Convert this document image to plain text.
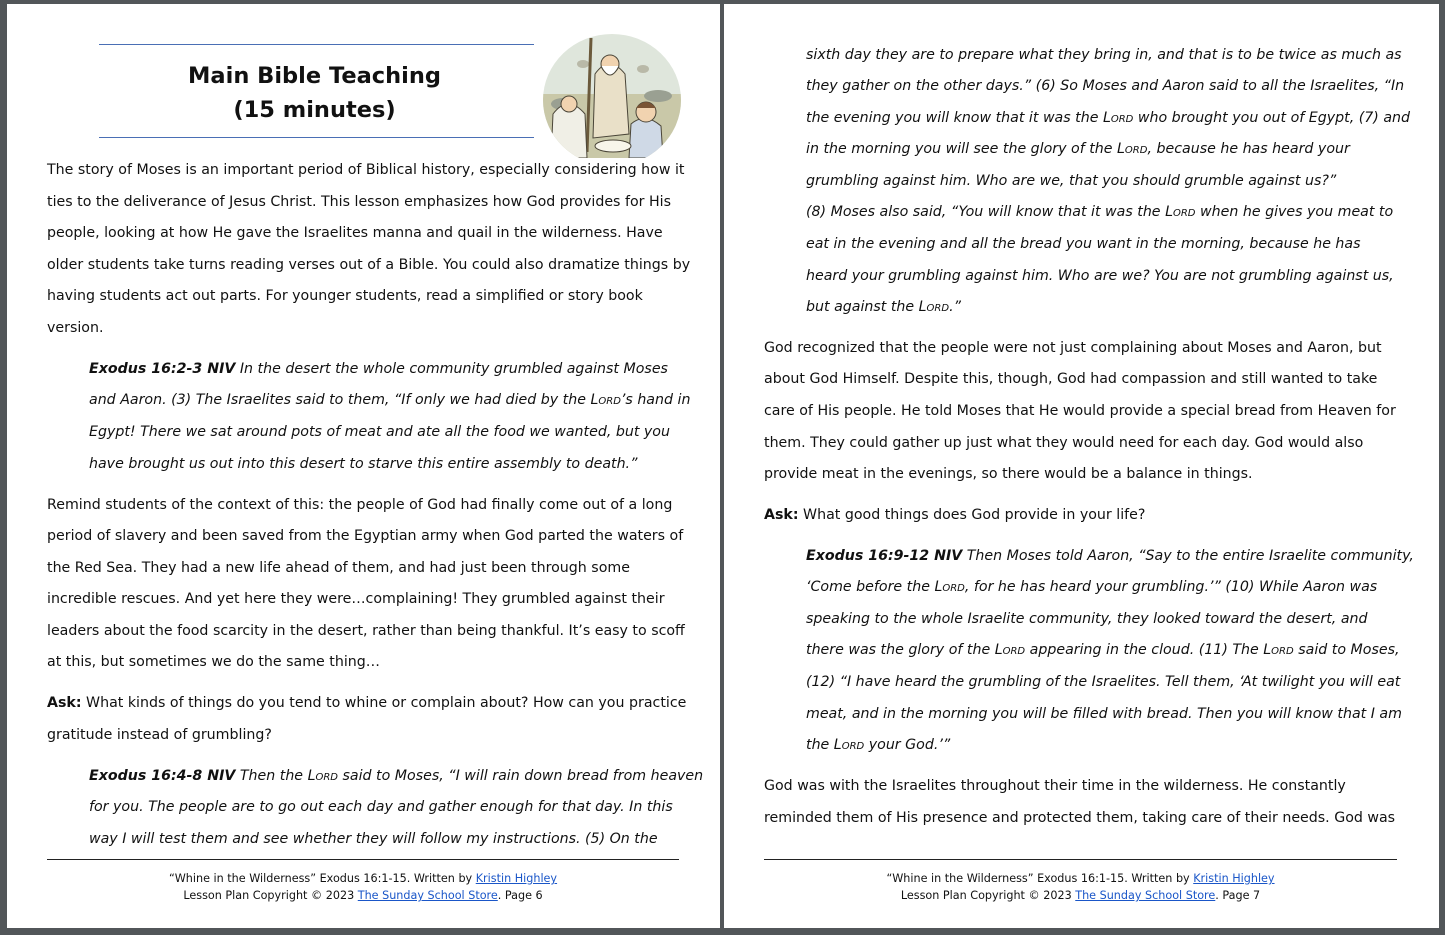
Main Bible Teaching
(15 minutes)
The story of Moses is an important period of Biblical history, especially considering how it
ties to the deliverance of Jesus Christ. This lesson emphasizes how God provides for His
people, looking at how He gave the Israelites manna and quail in the wilderness. Have
older students take turns reading verses out of a Bible. You could also dramatize things by
having students act out parts. For younger students, read a simplified or story book
version.
Exodus 16:2-3 NIV In the desert the whole community grumbled against Moses
and Aaron. (3) The Israelites said to them, “If only we had died by the Lord’s hand in
Egypt! There we sat around pots of meat and ate all the food we wanted, but you
have brought us out into this desert to starve this entire assembly to death.”
Remind students of the context of this: the people of God had finally come out of a long
period of slavery and been saved from the Egyptian army when God parted the waters of
the Red Sea. They had a new life ahead of them, and had just been through some
incredible rescues. And yet here they were…complaining! They grumbled against their
leaders about the food scarcity in the desert, rather than being thankful. It’s easy to scoff
at this, but sometimes we do the same thing…
Ask: What kinds of things do you tend to whine or complain about? How can you practice
gratitude instead of grumbling?
Exodus 16:4-8 NIV Then the Lord said to Moses, “I will rain down bread from heaven
for you. The people are to go out each day and gather enough for that day. In this
way I will test them and see whether they will follow my instructions. (5) On the
“Whine in the Wilderness” Exodus 16:1-15. Written by Kristin Highley
Lesson Plan Copyright © 2023 The Sunday School Store. Page 6
sixth day they are to prepare what they bring in, and that is to be twice as much as
they gather on the other days.” (6) So Moses and Aaron said to all the Israelites, “In
the evening you will know that it was the Lord who brought you out of Egypt, (7) and
in the morning you will see the glory of the Lord, because he has heard your
grumbling against him. Who are we, that you should grumble against us?”
(8) Moses also said, “You will know that it was the Lord when he gives you meat to
eat in the evening and all the bread you want in the morning, because he has
heard your grumbling against him. Who are we? You are not grumbling against us,
but against the Lord.”
God recognized that the people were not just complaining about Moses and Aaron, but
about God Himself. Despite this, though, God had compassion and still wanted to take
care of His people. He told Moses that He would provide a special bread from Heaven for
them. They could gather up just what they would need for each day. God would also
provide meat in the evenings, so there would be a balance in things.
Ask: What good things does God provide in your life?
Exodus 16:9-12 NIV Then Moses told Aaron, “Say to the entire Israelite community,
‘Come before the Lord, for he has heard your grumbling.’” (10) While Aaron was
speaking to the whole Israelite community, they looked toward the desert, and
there was the glory of the Lord appearing in the cloud. (11) The Lord said to Moses,
(12) “I have heard the grumbling of the Israelites. Tell them, ‘At twilight you will eat
meat, and in the morning you will be filled with bread. Then you will know that I am
the Lord your God.’”
God was with the Israelites throughout their time in the wilderness. He constantly
reminded them of His presence and protected them, taking care of their needs. God was
“Whine in the Wilderness” Exodus 16:1-15. Written by Kristin Highley
Lesson Plan Copyright © 2023 The Sunday School Store. Page 7
